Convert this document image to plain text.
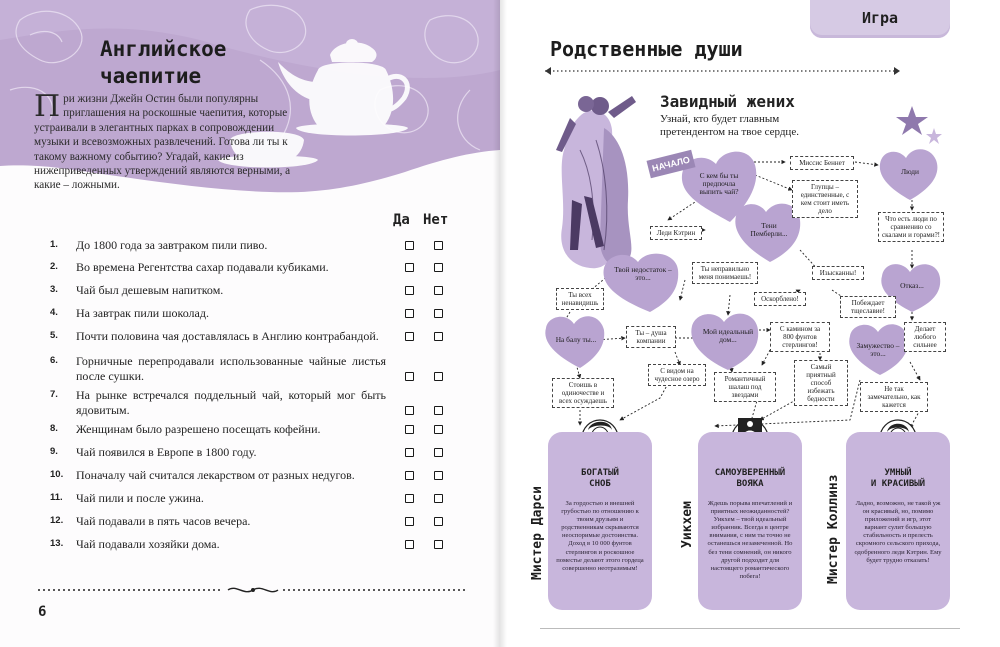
Английское
чаепитие
При жизни Джейн Остин были популярны приглашения на роскошные чаепития, которые устраивали в элегантных парках в сопровождении музыки и всевозможных развлечений. Готова ли ты к такому важному событию? Угадай, какие из нижеприведенных утверждений являются верными, а какие – ложными.
Да Нет
1. До 1800 года за завтраком пили пиво.
2. Во времена Регентства сахар подавали кубиками.
3. Чай был дешевым напитком.
4. На завтрак пили шоколад.
5. Почти половина чая доставлялась в Англию контрабандой.
6. Горничные перепродавали использованные чайные листья после сушки.
7. На рынке встречался поддельный чай, который мог быть ядовитым.
8. Женщинам было разрешено посещать кофейни.
9. Чай появился в Европе в 1800 году.
10. Поначалу чай считался лекарством от разных недугов.
11. Чай пили и после ужина.
12. Чай подавали в пять часов вечера.
13. Чай подавали хозяйки дома.
6
Игра
Родственные души
Завидный жених
Узнай, кто будет главным претендентом на твое сердце.
НАЧАЛО
С кем бы ты предпочла выпить чай?
Люди
Тени Пемберли...
Твой недостаток – это...
Отказ...
На балу ты...
Мой идеальный дом...
Замужество – это...
Миссис Беннет
Глупцы – единственные, с кем стоит иметь дело
Что есть люди по сравнению со скалами и горами?!
Леди Кэтрин
Ты неправильно меня понимаешь!	Изысканны!
Ты всех ненавидишь	Оскорблено!	Побеждает тщеславие!
Ты – душа компании
С камином за 800 фунтов стерлингов!
Делает любого сильнее
С видом на чудесное озеро
Самый приятный способ избежать бедности
Не так замечательно, как кажется
Стоишь в одиночестве и всех осуждаешь
Романтичный шалаш под звездами
БОГАТЫЙ
СНОБ
За гордостью и внешней грубостью по отношению к твоим друзьям и родственникам скрываются неоспоримые достоинства. Доход в 10 000 фунтов стерлингов и роскошное поместье делают этого гордеца совершенно неотразимым!
САМОУВЕРЕННЫЙ
ВОЯКА
Ждешь порыва впечатлений и приятных неожиданностей? Уикхем – твой идеальный избранник. Всегда в центре внимания, с ним ты точно не останешься незамеченной. Но без тени сомнений, он никого другой подходит для настоящего романтического побега!
УМНЫЙ
И КРАСИВЫЙ
Ладно, возможно, не такой уж он красивый, но, помимо приложений и игр, этот вариант сулит большую стабильность и прелесть скромного сельского прихода, одобренного леди Кэтрин. Ему будет трудно отказать!
Мистер Дарси	Уикхем	Мистер Коллинз
